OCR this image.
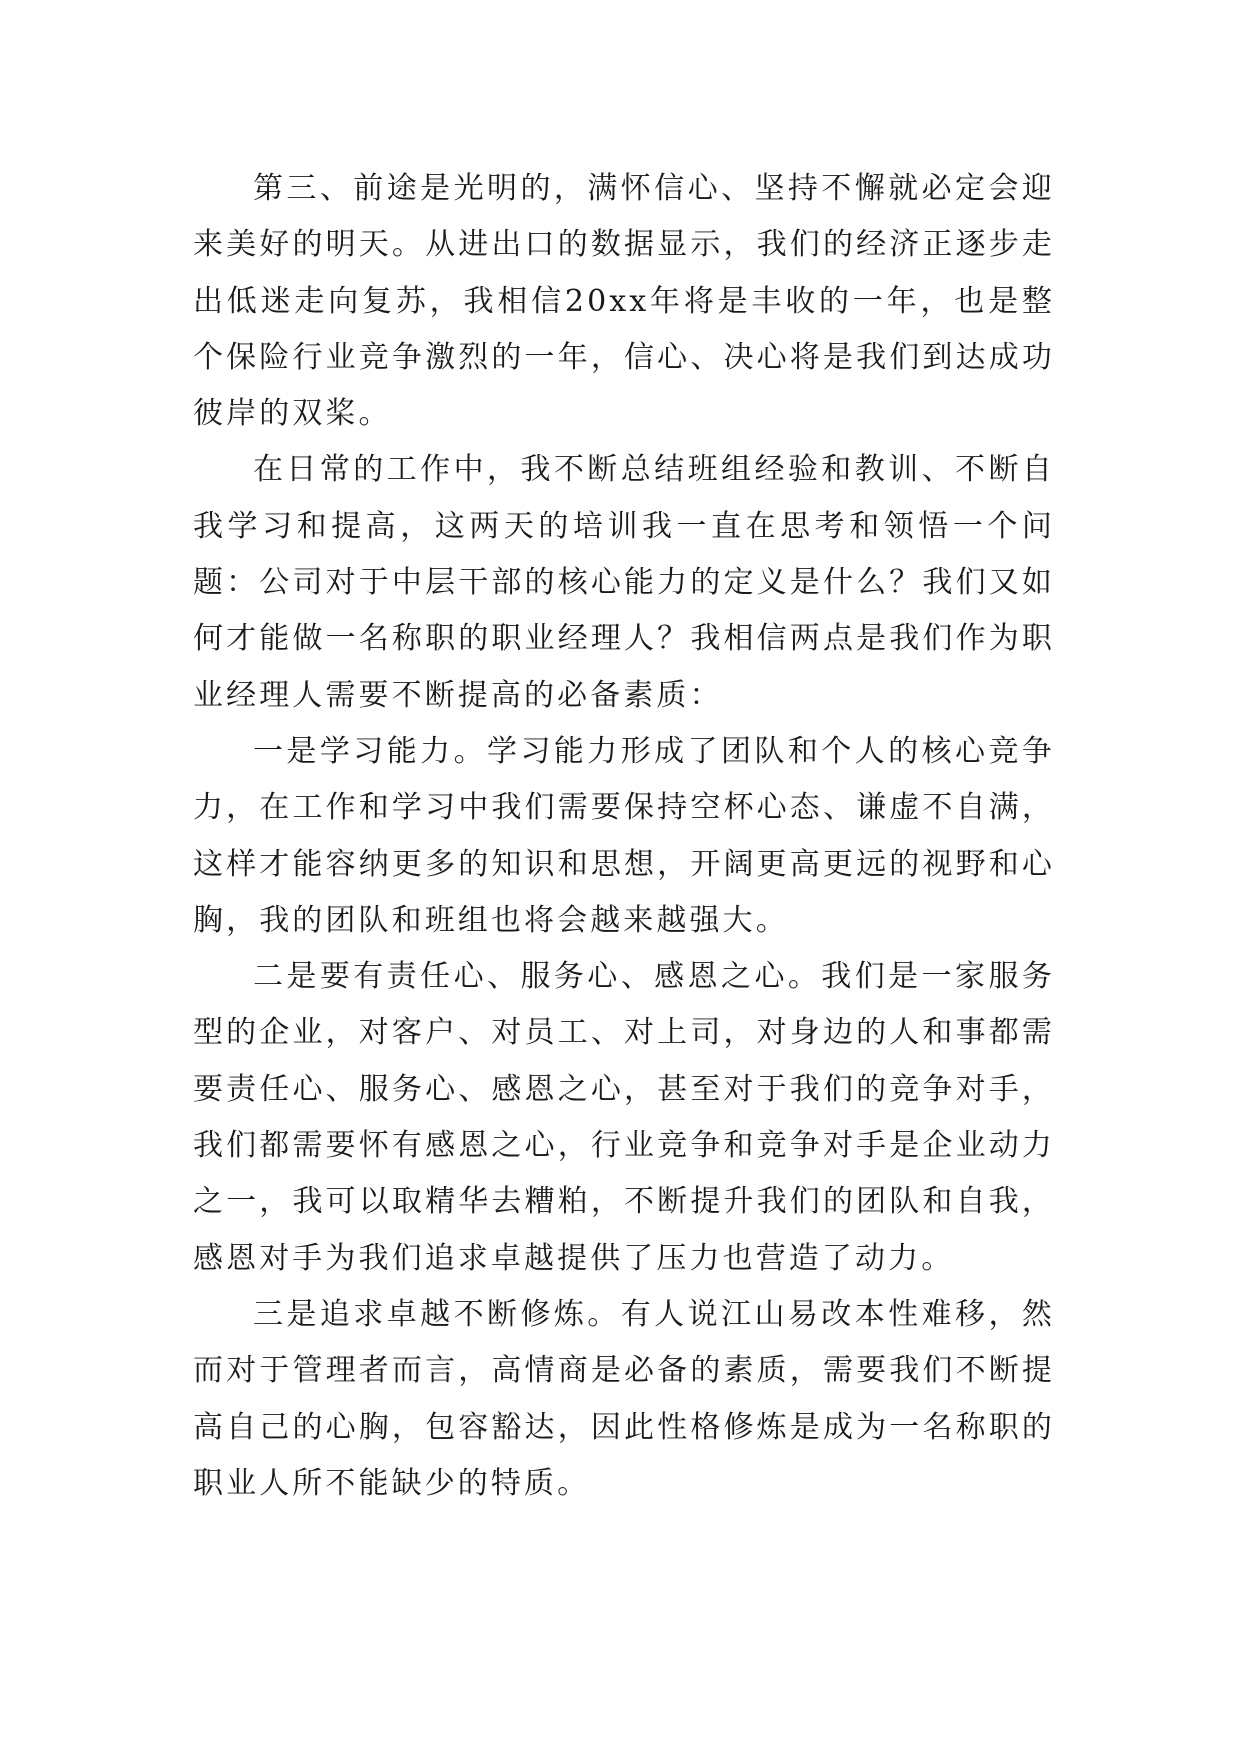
第三、前途是光明的，满怀信心、坚持不懈就必定会迎来美好的明天。从进出口的数据显示，我们的经济正逐步走出低迷走向复苏，我相信20xx年将是丰收的一年，也是整个保险行业竞争激烈的一年，信心、决心将是我们到达成功彼岸的双桨。

在日常的工作中，我不断总结班组经验和教训、不断自我学习和提高，这两天的培训我一直在思考和领悟一个问题：公司对于中层干部的核心能力的定义是什么？我们又如何才能做一名称职的职业经理人？我相信两点是我们作为职业经理人需要不断提高的必备素质：

一是学习能力。学习能力形成了团队和个人的核心竞争力，在工作和学习中我们需要保持空杯心态、谦虚不自满，这样才能容纳更多的知识和思想，开阔更高更远的视野和心胸，我的团队和班组也将会越来越强大。

二是要有责任心、服务心、感恩之心。我们是一家服务型的企业，对客户、对员工、对上司，对身边的人和事都需要责任心、服务心、感恩之心，甚至对于我们的竞争对手，我们都需要怀有感恩之心，行业竞争和竞争对手是企业动力之一，我可以取精华去糟粕，不断提升我们的团队和自我，感恩对手为我们追求卓越提供了压力也营造了动力。

三是追求卓越不断修炼。有人说江山易改本性难移，然而对于管理者而言，高情商是必备的素质，需要我们不断提高自己的心胸，包容豁达，因此性格修炼是成为一名称职的职业人所不能缺少的特质。
